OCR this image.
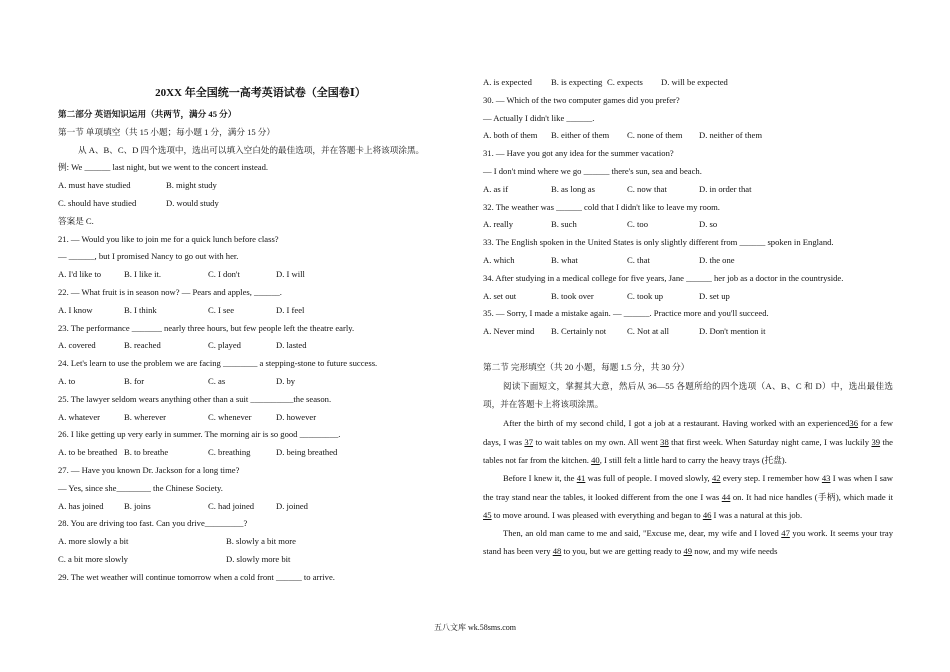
20XX 年全国统一高考英语试卷（全国卷Ⅰ）
第二部分 英语知识运用（共两节，满分 45 分）
第一节 单项填空（共 15 小题；每小题 1 分，满分 15 分）
从 A、B、C、D 四个选项中，选出可以填入空白处的最佳选项，并在答题卡上将该项涂黑。
例: We ______ last night, but we went to the concert instead.
A. must have studied	B. might study
C. should have studied	D. would study
答案是 C.
21. — Would you like to join me for a quick lunch before class?
— ______, but I promised Nancy to go out with her.
A. I'd like to	B. I like it.	C. I don't	D. I will
22. — What fruit is in season now? — Pears and apples, ______.
A. I know	B. I think	C. I see	D. I feel
23. The performance _______ nearly three hours, but few people left the theatre early.
A. covered	B. reached	C. played	D. lasted
24. Let's learn to use the problem we are facing ________ a stepping-stone to future success.
A. to	B. for	C. as	D. by
25. The lawyer seldom wears anything other than a suit __________the season.
A. whatever	B. wherever	C. whenever	D. however
26. I like getting up very early in summer. The morning air is so good _________.
A. to be breathed B. to breathe	C. breathing	D. being breathed
27. — Have you known Dr. Jackson for a long time?
— Yes, since she________ the Chinese Society.
A. has joined	B. joins	C. had joined	D. joined
28. You are driving too fast. Can you drive_________?
A. more slowly a bit	B. slowly a bit more
C. a bit more slowly	D. slowly more bit
29. The wet weather will continue tomorrow when a cold front ______ to arrive.
A. is expected	B. is expecting C. expects	D. will be expected
30. — Which of the two computer games did you prefer?
— Actually I didn't like ______.
A. both of them	B. either of them	C. none of them	D. neither of them
31. — Have you got any idea for the summer vacation?
— I don't mind where we go ______ there's sun, sea and beach.
A. as if	B. as long as	C. now that	D. in order that
32. The weather was ______ cold that I didn't like to leave my room.
A. really	B. such	C. too	D. so
33. The English spoken in the United States is only slightly different from ______ spoken in England.
A. which	B. what	C. that	D. the one
34. After studying in a medical college for five years, Jane ______ her job as a doctor in the countryside.
A. set out	B. took over	C. took up	D. set up
35. — Sorry, I made a mistake again. — ______. Practice more and you'll succeed.
A. Never mind	B. Certainly not	C. Not at all	D. Don't mention it
第二节 完形填空（共 20 小题，每题 1.5 分，共 30 分）
阅读下面短文，掌握其大意，然后从 36—55 各题所给的四个选项（A、B、C 和 D）中，选出最佳选项，并在答题卡上将该项涂黑。
After the birth of my second child, I got a job at a restaurant. Having worked with an experienced36 for a few days, I was 37 to wait tables on my own. All went 38 that first week. When Saturday night came, I was luckily 39 the tables not far from the kitchen. 40, I still felt a little hard to carry the heavy trays (托盘).
Before I knew it, the 41 was full of people. I moved slowly, 42 every step. I remember how 43 I was when I saw the tray stand near the tables, it looked different from the one I was 44 on. It had nice handles (手柄), which made it 45 to move around. I was pleased with everything and began to 46 I was a natural at this job.
Then, an old man came to me and said, "Excuse me, dear, my wife and I loved 47 you work. It seems your tray stand has been very 48 to you, but we are getting ready to 49 now, and my wife needs
五八文库 wk.58sms.com
